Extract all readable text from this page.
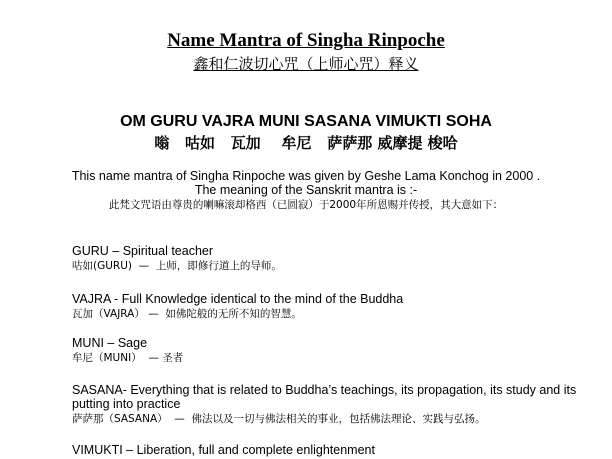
Name Mantra of Singha Rinpoche
鑫和仁波切心咒（上师心咒）释义
OM GURU VAJRA MUNI SASANA VIMUKTI SOHA
嗡   咕如   瓦加    牟尼   萨萨那 威摩提 梭哈
This name mantra of Singha Rinpoche was given by Geshe Lama Konchog in 2000 .
The meaning of the Sanskrit mantra is :-
此梵文咒语由尊贵的喇嘛滚却格西（已圆寂）于2000年所恩赐并传授，其大意如下：
GURU – Spiritual teacher
咕如(GURU)  —  上师，即修行道上的导师。
VAJRA - Full Knowledge identical to the mind of the Buddha
瓦加（VAJRA） —  如佛陀般的无所不知的智慧。
MUNI – Sage
牟尼（MUNI）  — 圣者
SASANA- Everything that is related to Buddha’s teachings, its propagation, its study and its putting into practice
萨萨那（SASANA）  —  佛法以及一切与佛法相关的事业，包括佛法理论、实践与弘扬。
VIMUKTI – Liberation, full and complete enlightenment
